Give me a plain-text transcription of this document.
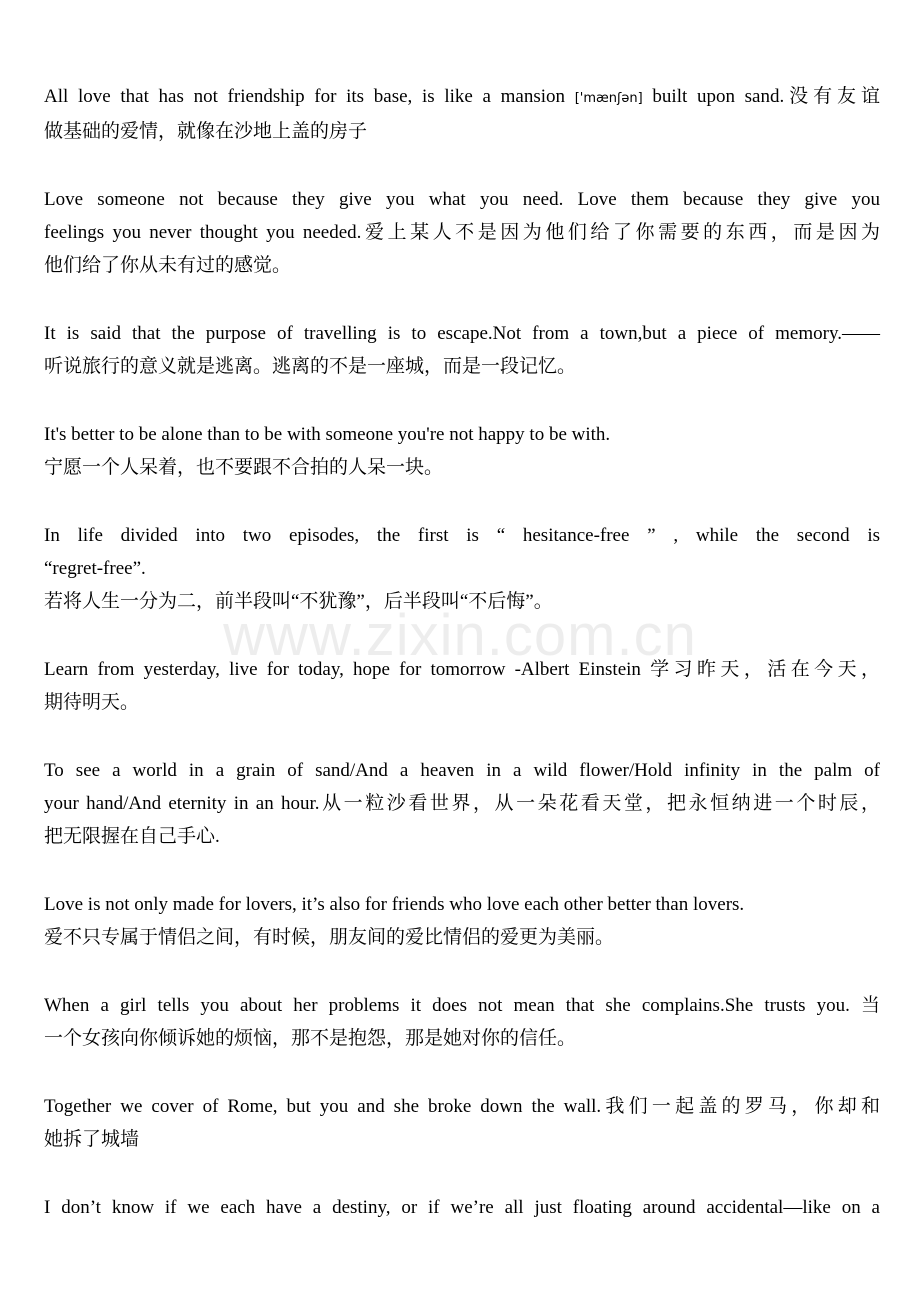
www.zixin.com.cn
All love that has not friendship for its base, is like a mansion ['mænʃən] built upon sand.没有友谊
做基础的爱情，就像在沙地上盖的房子
Love someone not because they give you what you need. Love them because they give you
feelings you never thought you needed.爱上某人不是因为他们给了你需要的东西，而是因为
他们给了你从未有过的感觉。
It is said that the purpose of travelling is to escape.Not from a town,but a piece of memory.——
听说旅行的意义就是逃离。逃离的不是一座城，而是一段记忆。
It's better to be alone than to be with someone you're not happy to be with.
宁愿一个人呆着，也不要跟不合拍的人呆一块。
In life divided into two episodes, the first is “ hesitance-free ” , while the second is
“regret-free”.
若将人生一分为二，前半段叫“不犹豫”，后半段叫“不后悔”。
Learn from yesterday, live for today, hope for tomorrow -Albert Einstein 学习昨天，活在今天，
期待明天。
To see a world in a grain of sand/And a heaven in a wild flower/Hold infinity in the palm of
your hand/And eternity in an hour.从一粒沙看世界，从一朵花看天堂，把永恒纳进一个时辰，
把无限握在自己手心.
Love is not only made for lovers, it’s also for friends who love each other better than lovers.
爱不只专属于情侣之间，有时候，朋友间的爱比情侣的爱更为美丽。
When a girl tells you about her problems it does not mean that she complains.She trusts you. 当
一个女孩向你倾诉她的烦恼，那不是抱怨，那是她对你的信任。
Together we cover of Rome, but you and she broke down the wall.我们一起盖的罗马，你却和
她拆了城墙
I don’t know if we each have a destiny, or if we’re all just floating around accidental—like on a
